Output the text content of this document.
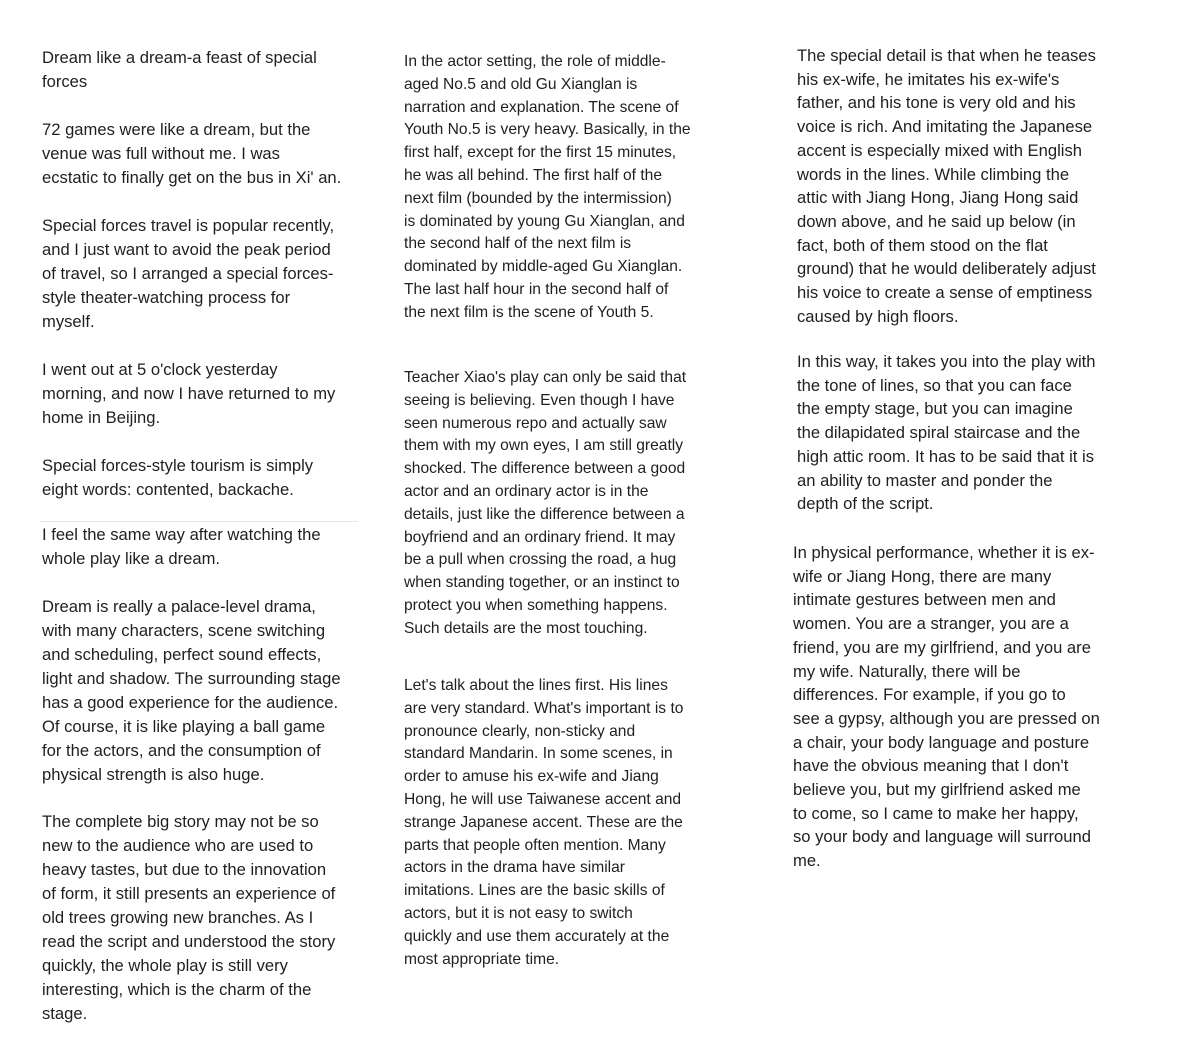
Dream like a dream-a feast of special
forces

72 games were like a dream, but the
venue was full without me. I was
ecstatic to finally get on the bus in Xi' an.

Special forces travel is popular recently,
and I just want to avoid the peak period
of travel, so I arranged a special forces-
style theater-watching process for
myself.

I went out at 5 o'clock yesterday
morning, and now I have returned to my
home in Beijing.

Special forces-style tourism is simply
eight words: contented, backache.

I feel the same way after watching the
whole play like a dream.

Dream is really a palace-level drama,
with many characters, scene switching
and scheduling, perfect sound effects,
light and shadow. The surrounding stage
has a good experience for the audience.
Of course, it is like playing a ball game
for the actors, and the consumption of
physical strength is also huge.

The complete big story may not be so
new to the audience who are used to
heavy tastes, but due to the innovation
of form, it still presents an experience of
old trees growing new branches. As I
read the script and understood the story
quickly, the whole play is still very
interesting, which is the charm of the
stage.

In the actor setting, the role of middle-
aged No.5 and old Gu Xianglan is
narration and explanation. The scene of
Youth No.5 is very heavy. Basically, in the
first half, except for the first 15 minutes,
he was all behind. The first half of the
next film (bounded by the intermission)
is dominated by young Gu Xianglan, and
the second half of the next film is
dominated by middle-aged Gu Xianglan.
The last half hour in the second half of
the next film is the scene of Youth 5.

Teacher Xiao's play can only be said that
seeing is believing. Even though I have
seen numerous repo and actually saw
them with my own eyes, I am still greatly
shocked. The difference between a good
actor and an ordinary actor is in the
details, just like the difference between a
boyfriend and an ordinary friend. It may
be a pull when crossing the road, a hug
when standing together, or an instinct to
protect you when something happens.
Such details are the most touching.

Let's talk about the lines first. His lines
are very standard. What's important is to
pronounce clearly, non-sticky and
standard Mandarin. In some scenes, in
order to amuse his ex-wife and Jiang
Hong, he will use Taiwanese accent and
strange Japanese accent. These are the
parts that people often mention. Many
actors in the drama have similar
imitations. Lines are the basic skills of
actors, but it is not easy to switch
quickly and use them accurately at the
most appropriate time.

The special detail is that when he teases
his ex-wife, he imitates his ex-wife's
father, and his tone is very old and his
voice is rich. And imitating the Japanese
accent is especially mixed with English
words in the lines. While climbing the
attic with Jiang Hong, Jiang Hong said
down above, and he said up below (in
fact, both of them stood on the flat
ground) that he would deliberately adjust
his voice to create a sense of emptiness
caused by high floors.

In this way, it takes you into the play with
the tone of lines, so that you can face
the empty stage, but you can imagine
the dilapidated spiral staircase and the
high attic room. It has to be said that it is
an ability to master and ponder the
depth of the script.

In physical performance, whether it is ex-
wife or Jiang Hong, there are many
intimate gestures between men and
women. You are a stranger, you are a
friend, you are my girlfriend, and you are
my wife. Naturally, there will be
differences. For example, if you go to
see a gypsy, although you are pressed on
a chair, your body language and posture
have the obvious meaning that I don't
believe you, but my girlfriend asked me
to come, so I came to make her happy,
so your body and language will surround
me.
